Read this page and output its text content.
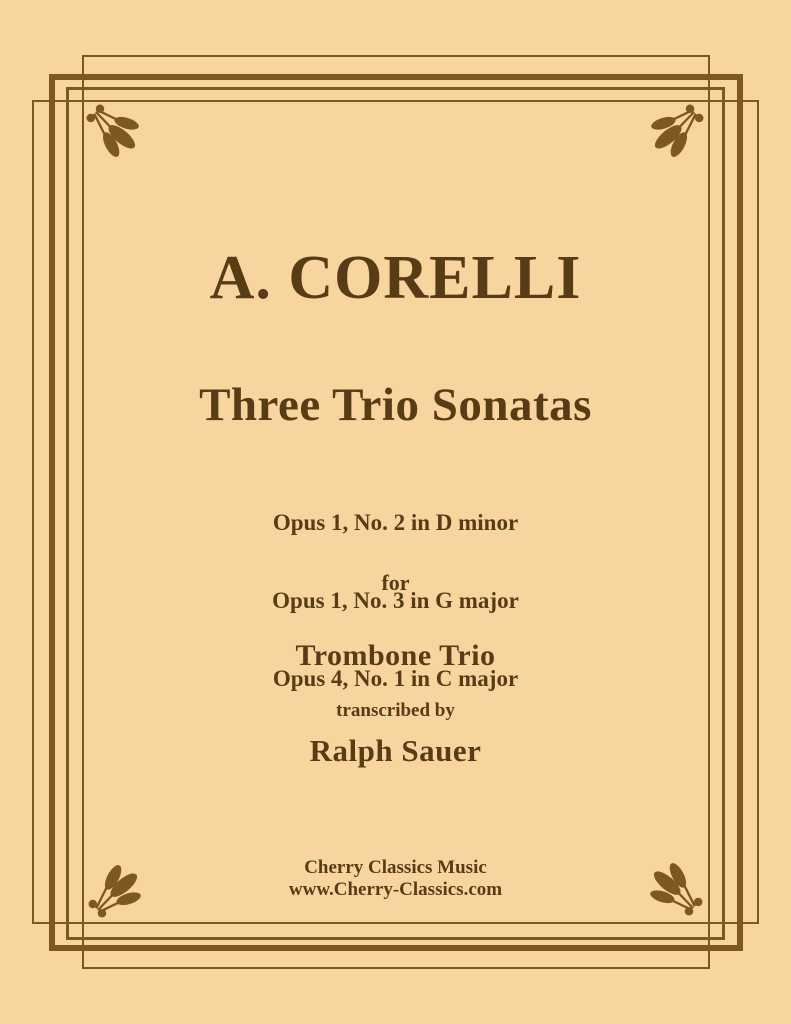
A. CORELLI
Three Trio Sonatas

Opus 1, No. 2 in D minor

Opus 1, No. 3 in G major

Opus 4, No. 1 in C major

for
Trombone Trio
transcribed by
Ralph Sauer
Cherry Classics Music
www.Cherry-Classics.com
